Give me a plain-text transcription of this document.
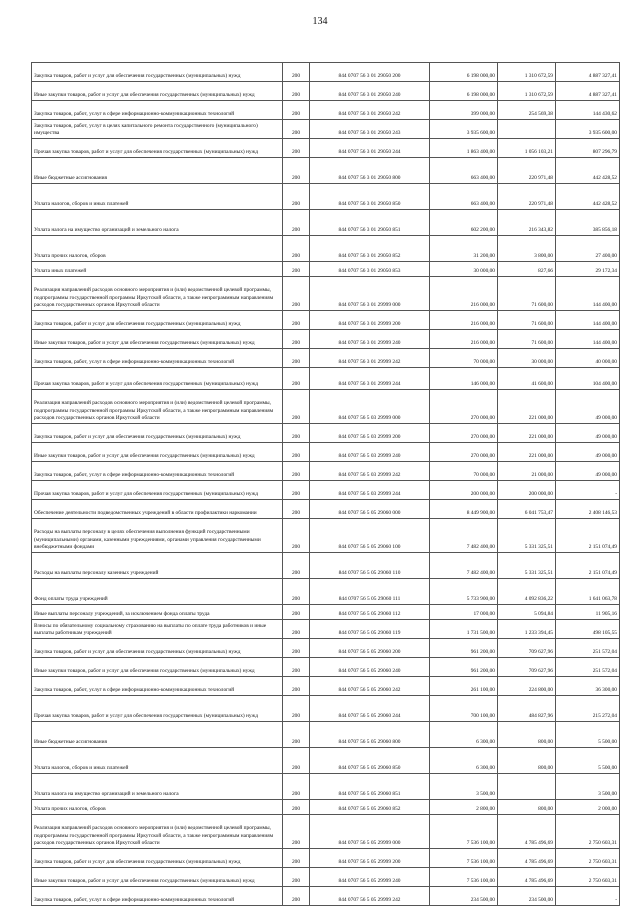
134
Закупка товаров, работ и услуг для обеспечения государственных (муниципальных) нужд	200	844 0707 56 3 01 29050 200	6 198 000,00	1 310 672,59	4 887 327,41
Иные закупки товаров, работ и услуг для обеспечения государственных (муниципальных) нужд	200	844 0707 56 3 01 29050 240	6 198 000,00	1 310 672,59	4 887 327,41
Закупка товаров, работ, услуг в сфере информационно-коммуникационных технологий	200	844 0707 56 3 01 29050 242	399 000,00	254 569,38	144 430,62
Закупка товаров, работ, услуг в целях капитального ремонта государственного (муниципального) имущества	200	844 0707 56 3 01 29050 243	3 935 600,00		3 935 600,00
Прочая закупка товаров, работ и услуг для обеспечения государственных (муниципальных) нужд	200	844 0707 56 3 01 29050 244	1 863 400,00	1 056 103,21	807 296,79
Иные бюджетные ассигнования	200	844 0707 56 3 01 29050 800	663 400,00	220 971,48	442 428,52
Уплата налогов, сборов и иных платежей	200	844 0707 56 3 01 29050 850	663 400,00	220 971,48	442 428,52
Уплата налога на имущество организаций и земельного налога	200	844 0707 56 3 01 29050 851	602 200,00	216 343,82	385 856,18
Уплата прочих налогов, сборов	200	844 0707 56 3 01 29050 852	31 200,00	3 800,00	27 400,00
Уплата иных платежей	200	844 0707 56 3 01 29050 853	30 000,00	827,66	29 172,34
Реализация направлений расходов основного мероприятия и (или) ведомственной целевой программы, подпрограммы государственной программы Иркутской области, а также непрограммным направлениям расходов государственных органов Иркутской области	200	844 0707 56 3 01 29999 000	216 000,00	71 600,00	144 400,00
Закупка товаров, работ и услуг для обеспечения государственных (муниципальных) нужд	200	844 0707 56 3 01 29999 200	216 000,00	71 600,00	144 400,00
Иные закупки товаров, работ и услуг для обеспечения государственных (муниципальных) нужд	200	844 0707 56 3 01 29999 240	216 000,00	71 600,00	144 400,00
Закупка товаров, работ, услуг в сфере информационно-коммуникационных технологий	200	844 0707 56 3 01 29999 242	70 000,00	30 000,00	40 000,00
Прочая закупка товаров, работ и услуг для обеспечения государственных (муниципальных) нужд	200	844 0707 56 3 01 29999 244	146 000,00	41 600,00	104 400,00
Реализация направлений расходов основного мероприятия и (или) ведомственной целевой программы, подпрограммы государственной программы Иркутской области, а также непрограммным направлениям расходов государственных органов Иркутской области	200	844 0707 56 5 03 29999 000	270 000,00	221 000,00	49 000,00
Закупка товаров, работ и услуг для обеспечения государственных (муниципальных) нужд	200	844 0707 56 5 03 29999 200	270 000,00	221 000,00	49 000,00
Иные закупки товаров, работ и услуг для обеспечения государственных (муниципальных) нужд	200	844 0707 56 5 03 29999 240	270 000,00	221 000,00	49 000,00
Закупка товаров, работ, услуг в сфере информационно-коммуникационных технологий	200	844 0707 56 5 03 29999 242	70 000,00	21 000,00	49 000,00
Прочая закупка товаров, работ и услуг для обеспечения государственных (муниципальных) нужд	200	844 0707 56 5 03 29999 244	200 000,00	200 000,00	-
Обеспечение деятельности подведомственных учреждений в области профилактики наркомании	200	844 0707 56 5 05 29060 000	8 449 900,00	6 041 753,47	2 408 146,53
Расходы на выплаты персоналу в целях обеспечения выполнения функций государственными (муниципальными) органами, казенными учреждениями, органами управления государственными внебюджетными фондами	200	844 0707 56 5 05 29060 100	7 482 400,00	5 331 325,51	2 151 074,49
Расходы на выплаты персоналу казенных учреждений	200	844 0707 56 5 05 29060 110	7 482 400,00	5 331 325,51	2 151 074,49
Фонд оплаты труда учреждений	200	844 0707 56 5 05 29060 111	5 733 900,00	4 092 836,22	1 641 063,78
Иные выплаты персоналу учреждений, за исключением фонда оплаты труда	200	844 0707 56 5 05 29060 112	17 000,00	5 094,84	11 905,16
Взносы по обязательному социальному страхованию на выплаты по оплате труда работников и иные выплаты работникам учреждений	200	844 0707 56 5 05 29060 119	1 731 500,00	1 233 394,45	498 105,55
Закупка товаров, работ и услуг для обеспечения государственных (муниципальных) нужд	200	844 0707 56 5 05 29060 200	961 200,00	709 627,96	251 572,04
Иные закупки товаров, работ и услуг для обеспечения государственных (муниципальных) нужд	200	844 0707 56 5 05 29060 240	961 200,00	709 627,96	251 572,04
Закупка товаров, работ, услуг в сфере информационно-коммуникационных технологий	200	844 0707 56 5 05 29060 242	261 100,00	224 800,00	36 300,00
Прочая закупка товаров, работ и услуг для обеспечения государственных (муниципальных) нужд	200	844 0707 56 5 05 29060 244	700 100,00	484 827,96	215 272,04
Иные бюджетные ассигнования	200	844 0707 56 5 05 29060 800	6 300,00	800,00	5 500,00
Уплата налогов, сборов и иных платежей	200	844 0707 56 5 05 29060 850	6 300,00	800,00	5 500,00
Уплата налога на имущество организаций и земельного налога	200	844 0707 56 5 05 29060 851	3 500,00		3 500,00
Уплата прочих налогов, сборов	200	844 0707 56 5 05 29060 852	2 800,00	800,00	2 000,00
Реализация направлений расходов основного мероприятия и (или) ведомственной целевой программы, подпрограммы государственной программы Иркутской области, а также непрограммным направлениям расходов государственных органов Иркутской области	200	844 0707 56 5 05 29999 000	7 536 100,00	4 785 496,69	2 750 603,31
Закупка товаров, работ и услуг для обеспечения государственных (муниципальных) нужд	200	844 0707 56 5 05 29999 200	7 536 100,00	4 785 496,69	2 750 603,31
Иные закупки товаров, работ и услуг для обеспечения государственных (муниципальных) нужд	200	844 0707 56 5 05 29999 240	7 536 100,00	4 785 496,69	2 750 603,31
Закупка товаров, работ, услуг в сфере информационно-коммуникационных технологий	200	844 0707 56 5 05 29999 242	234 500,00	234 500,00	-
